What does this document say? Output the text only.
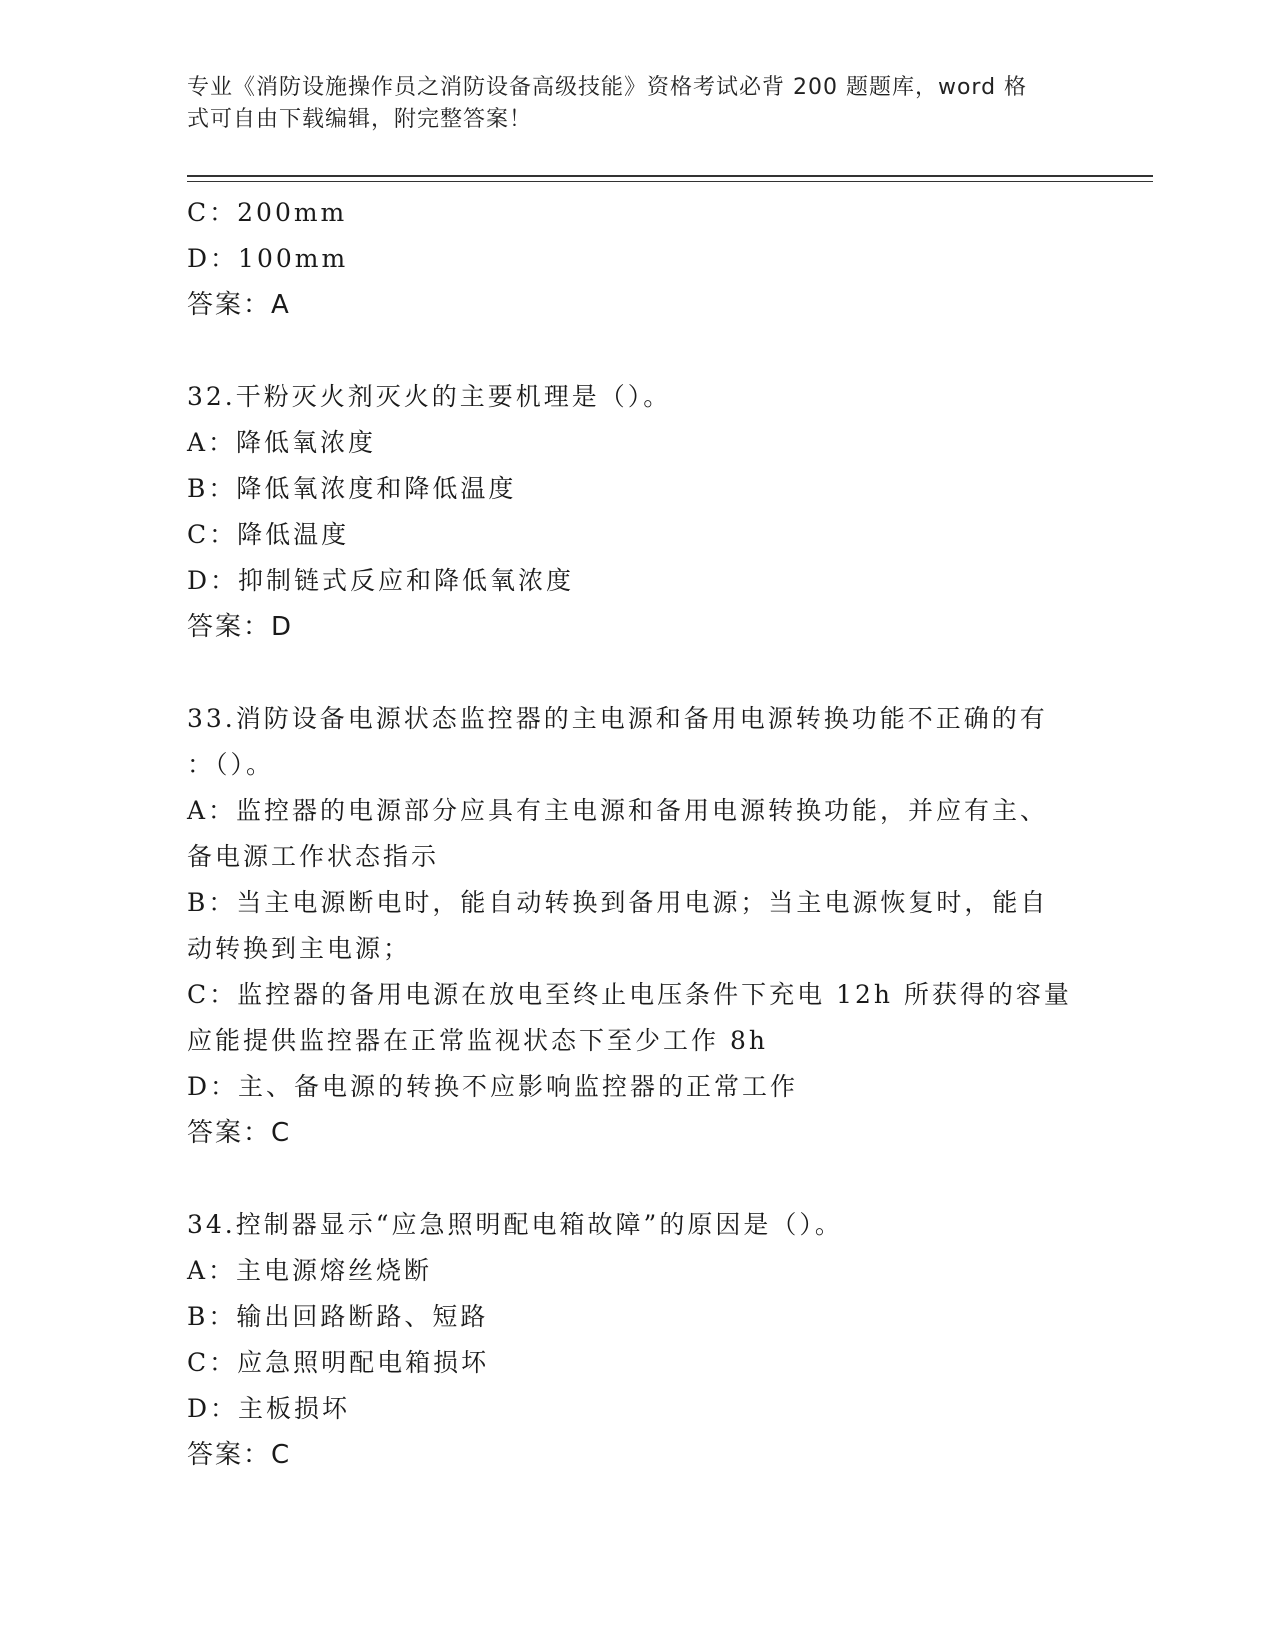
专业《消防设施操作员之消防设备高级技能》资格考试必背 200 题题库，word 格
式可自由下载编辑，附完整答案！
C：200mm
D：100mm
答案：A
32.干粉灭火剂灭火的主要机理是（）。
A：降低氧浓度
B：降低氧浓度和降低温度
C：降低温度
D：抑制链式反应和降低氧浓度
答案：D
33.消防设备电源状态监控器的主电源和备用电源转换功能不正确的有
：（）。
A：监控器的电源部分应具有主电源和备用电源转换功能，并应有主、
备电源工作状态指示
B：当主电源断电时，能自动转换到备用电源；当主电源恢复时，能自
动转换到主电源；
C：监控器的备用电源在放电至终止电压条件下充电 12h 所获得的容量
应能提供监控器在正常监视状态下至少工作 8h
D：主、备电源的转换不应影响监控器的正常工作
答案：C
34.控制器显示“应急照明配电箱故障”的原因是（）。
A：主电源熔丝烧断
B：输出回路断路、短路
C：应急照明配电箱损坏
D：主板损坏
答案：C
